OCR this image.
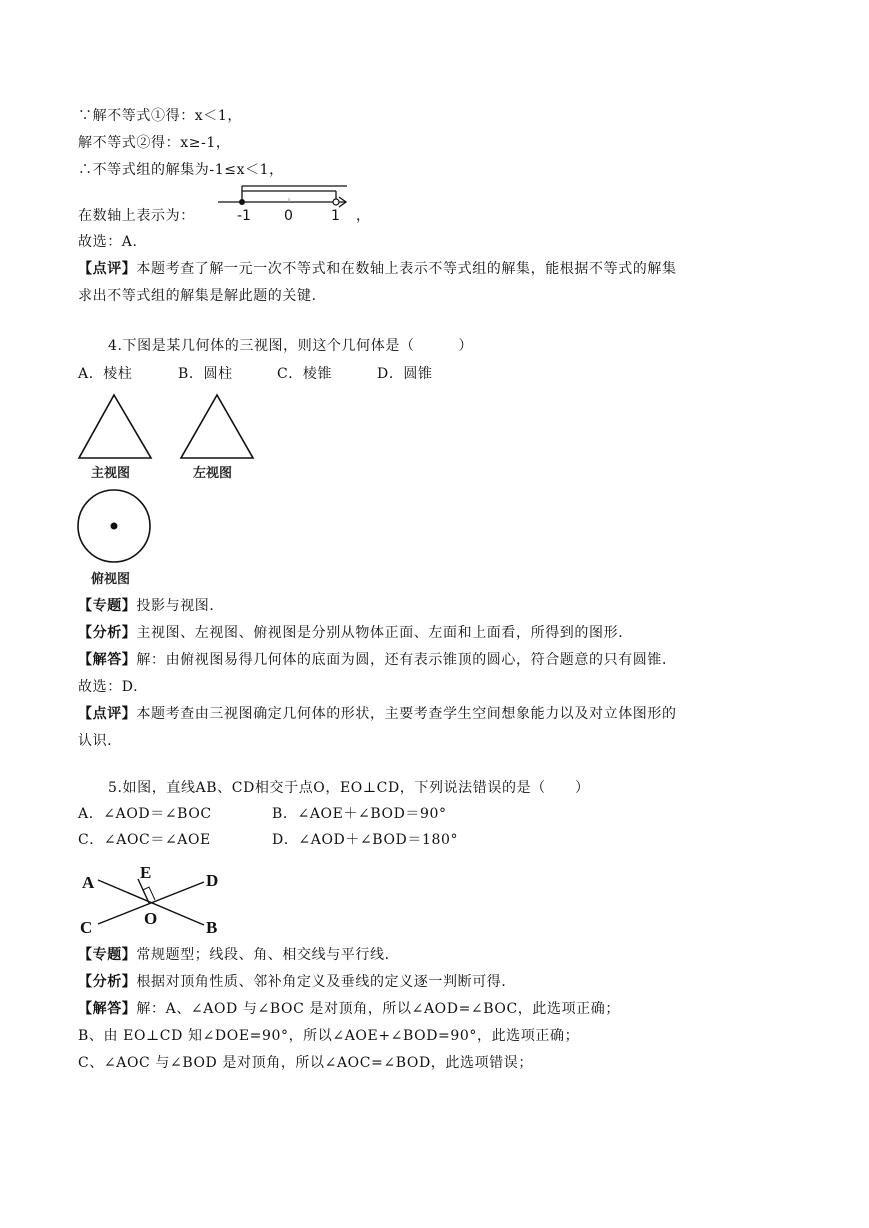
∵解不等式①得：x＜1，
解不等式②得：x≥-1，
∴不等式组的解集为-1≤x＜1，
在数轴上表示为：	-1 0	1 ，
故选：A.
【点评】本题考查了解一元一次不等式和在数轴上表示不等式组的解集，能根据不等式的解集
求出不等式组的解集是解此题的关键.
4.下图是某几何体的三视图，则这个几何体是（　　　）
A．棱柱	B．圆柱	C．棱锥	D．圆锥
主视图	左视图
俯视图
【专题】投影与视图．
【分析】主视图、左视图、俯视图是分别从物体正面、左面和上面看，所得到的图形．
【解答】解：由俯视图易得几何体的底面为圆，还有表示锥顶的圆心，符合题意的只有圆锥．
故选：D.
【点评】本题考查由三视图确定几何体的形状，主要考查学生空间想象能力以及对立体图形的
认识．
5.如图，直线AB、CD相交于点O，EO⊥CD，下列说法错误的是（　　）
A．∠AOD＝∠BOC	B．∠AOE＋∠BOD＝90°
C．∠AOC＝∠AOE	D．∠AOD＋∠BOD＝180°
A
E	D
O
C	B
【专题】常规题型；线段、角、相交线与平行线．
【分析】根据对顶角性质、邻补角定义及垂线的定义逐一判断可得．
【解答】解：A、∠AOD 与∠BOC 是对顶角，所以∠AOD=∠BOC，此选项正确；
B、由 EO⊥CD 知∠DOE=90°，所以∠AOE+∠BOD=90°，此选项正确；
C、∠AOC 与∠BOD 是对顶角，所以∠AOC=∠BOD，此选项错误；
